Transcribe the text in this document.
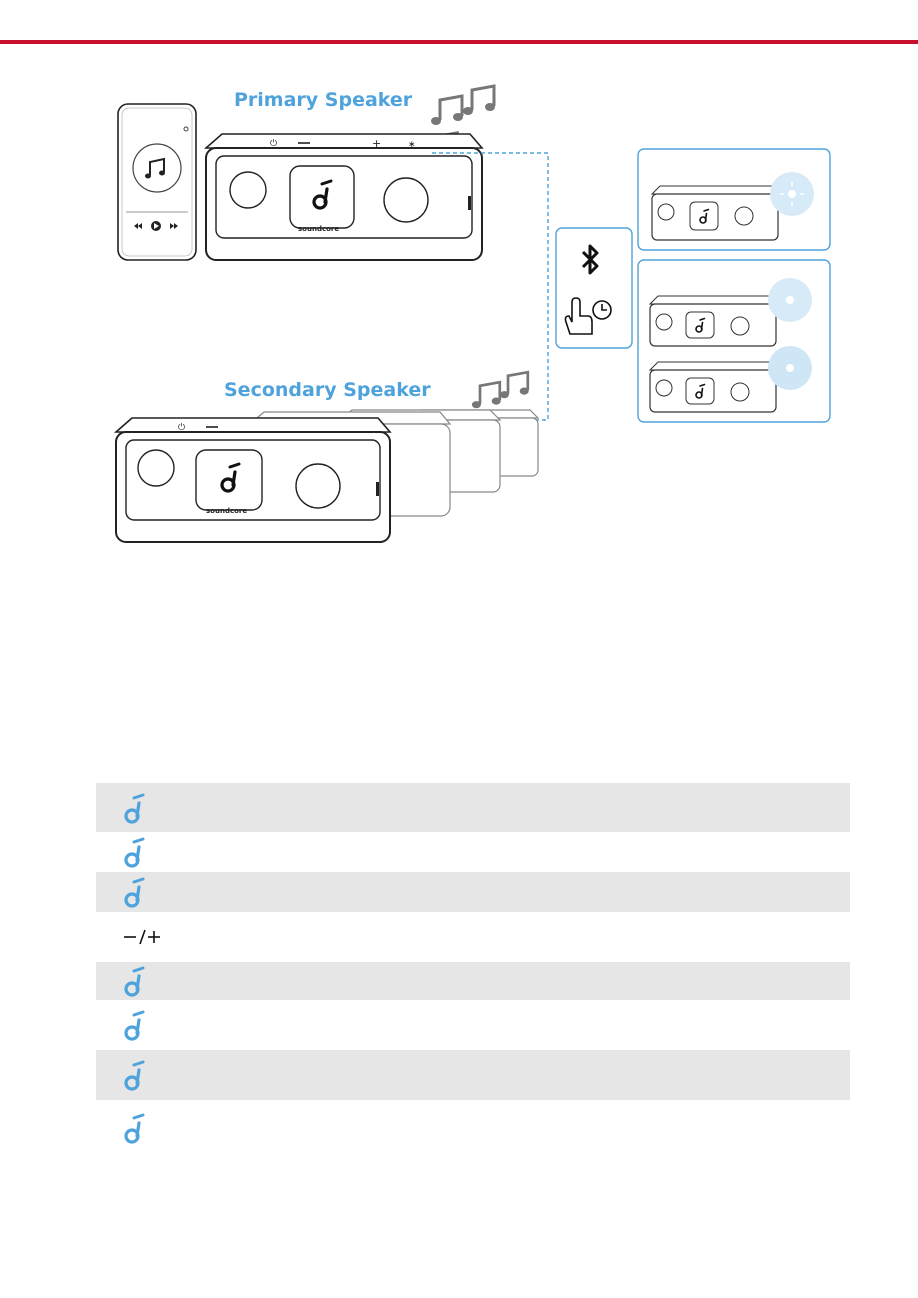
Primary Speaker
soundcore
⏻	+	∗
Secondary Speaker
soundcore
⏻
